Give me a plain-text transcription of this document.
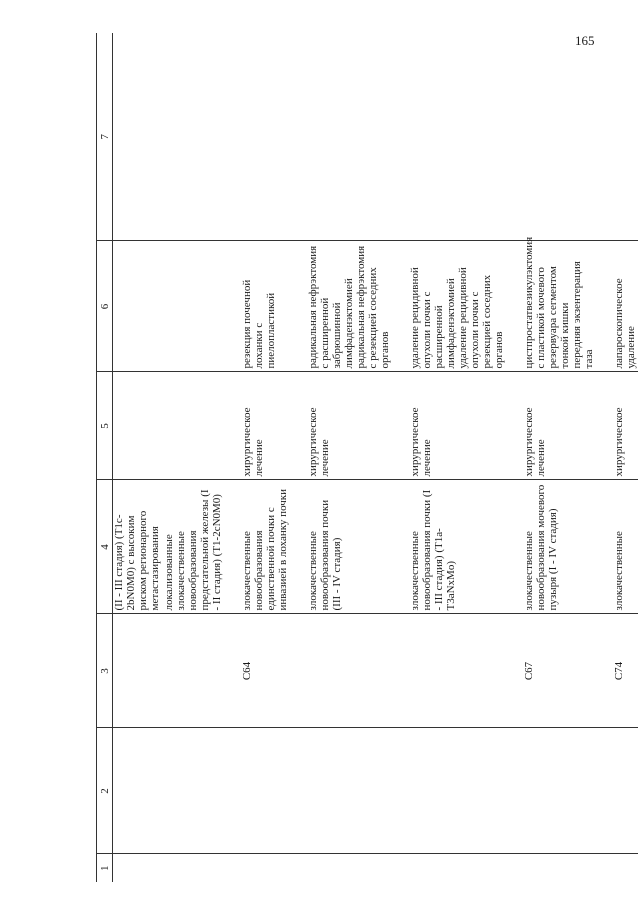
165
1	2	3	4	5	6	7
			(II - III стадия) (T1c-2bN0M0) с высоким риском регионарного метастазирования			
			локализованные злокачественные новообразования предстательной железы (I - II стадия) (T1-2cN0M0)			

		C64	злокачественные новообразования единственной почки с инвазией в лоханку почки	хирургическое лечение	резекция почечной лоханки с пиелопластикой	

			злокачественные новообразования почки (III - IV стадия)	хирургическое лечение	радикальная нефрэктомия с расширенной забрюшинной лимфаденэктомией
радикальная нефрэктомия с резекцией соседних органов	

			злокачественные новообразования почки (I - III стадия) (T1a-T3aNxMo)	хирургическое лечение	удаление рецидивной опухоли почки с расширенной лимфаденэктомией
удаление рецидивной опухоли почки с резекцией соседних органов	

		C67	злокачественные новообразования мочевого пузыря (I - IV стадия)	хирургическое лечение	цистпростатвезикулэктомия с пластикой мочевого резервуара сегментом тонкой кишки
передняя экзентерация таза	

		C74	злокачественные	хирургическое	лапароскопическое удаление	
